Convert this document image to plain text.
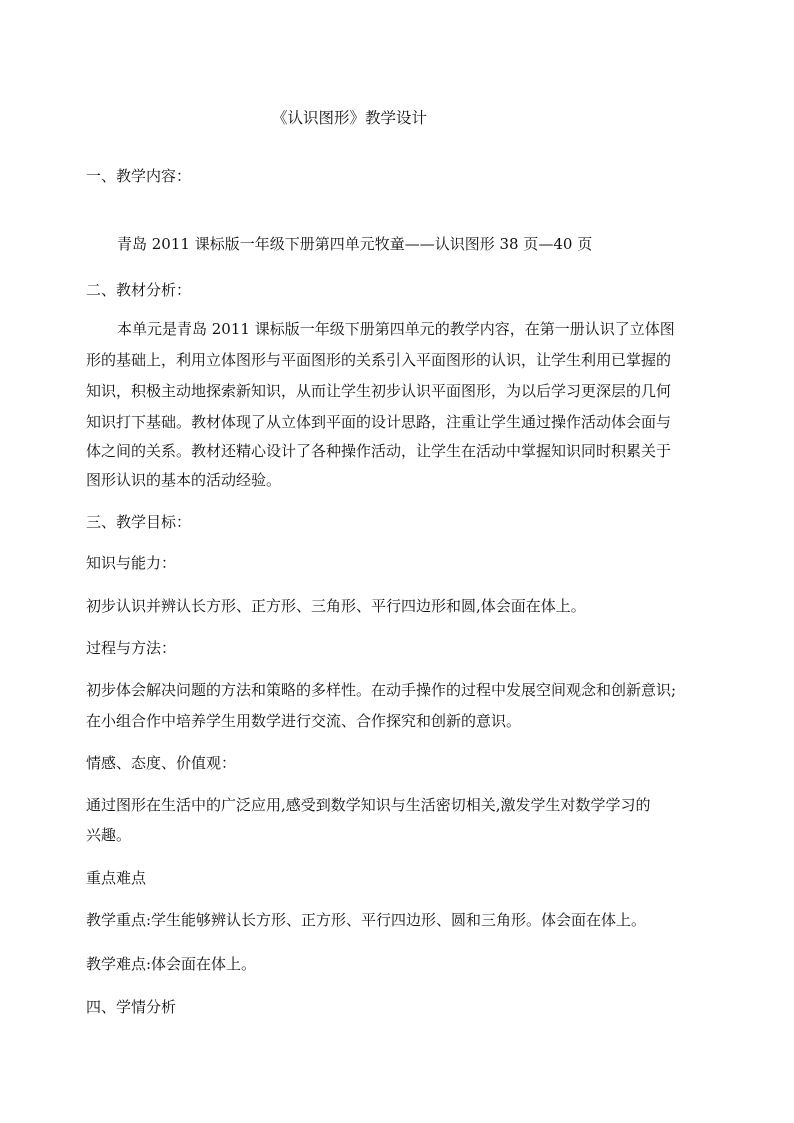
《认识图形》教学设计
一、教学内容：
青岛 2011 课标版一年级下册第四单元牧童——认识图形 38 页—40 页
二、教材分析：
本单元是青岛 2011 课标版一年级下册第四单元的教学内容，在第一册认识了立体图
形的基础上，利用立体图形与平面图形的关系引入平面图形的认识，让学生利用已掌握的
知识，积极主动地探索新知识，从而让学生初步认识平面图形，为以后学习更深层的几何
知识打下基础。教材体现了从立体到平面的设计思路，注重让学生通过操作活动体会面与
体之间的关系。教材还精心设计了各种操作活动，让学生在活动中掌握知识同时积累关于
图形认识的基本的活动经验。
三、教学目标：
知识与能力：
初步认识并辨认长方形、正方形、三角形、平行四边形和圆,体会面在体上。
过程与方法：
初步体会解决问题的方法和策略的多样性。在动手操作的过程中发展空间观念和创新意识;
在小组合作中培养学生用数学进行交流、合作探究和创新的意识。
情感、态度、价值观：
通过图形在生活中的广泛应用,感受到数学知识与生活密切相关,激发学生对数学学习的
兴趣。
重点难点
教学重点:学生能够辨认长方形、正方形、平行四边形、圆和三角形。体会面在体上。
教学难点:体会面在体上。
四、学情分析
